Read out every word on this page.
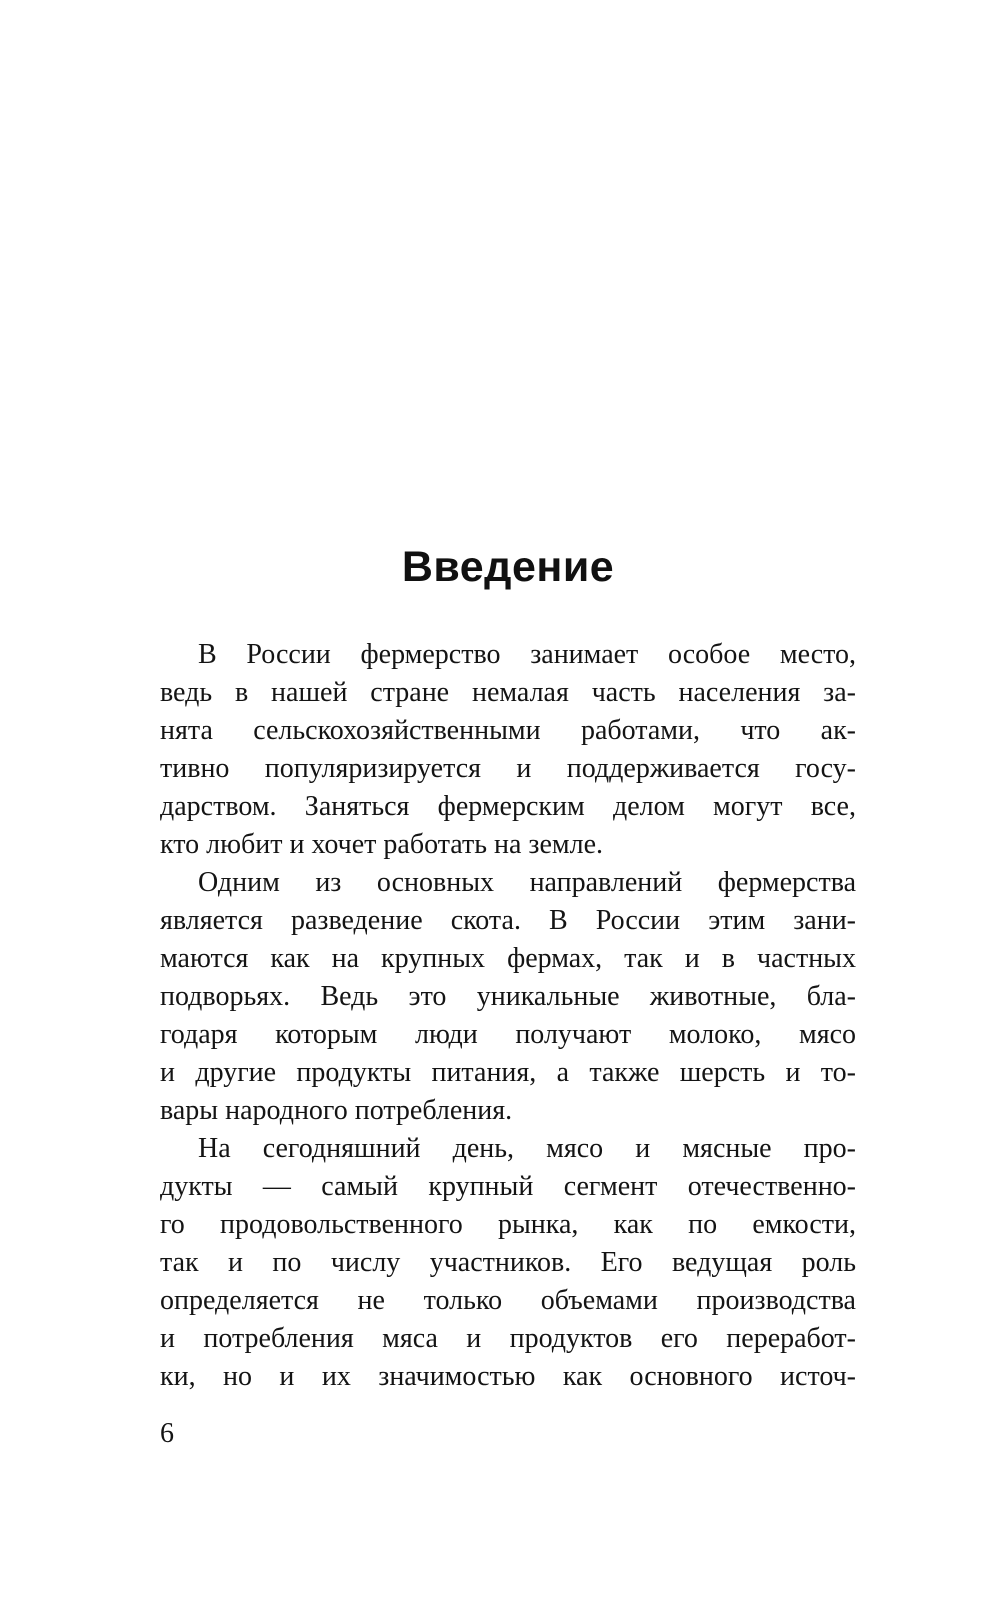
Введение
В России фермерство занимает особое место,
ведь в нашей стране немалая часть населения за-
нята сельскохозяйственными работами, что ак-
тивно популяризируется и поддерживается госу-
дарством. Заняться фермерским делом могут все,
кто любит и хочет работать на земле.
Одним из основных направлений фермерства
является разведение скота. В России этим зани-
маются как на крупных фермах, так и в частных
подворьях. Ведь это уникальные животные, бла-
годаря которым люди получают молоко, мясо
и другие продукты питания, а также шерсть и то-
вары народного потребления.
На сегодняшний день, мясо и мясные про-
дукты — самый крупный сегмент отечественно-
го продовольственного рынка, как по емкости,
так и по числу участников. Его ведущая роль
определяется не только объемами производства
и потребления мяса и продуктов его переработ-
ки, но и их значимостью как основного источ-
6
